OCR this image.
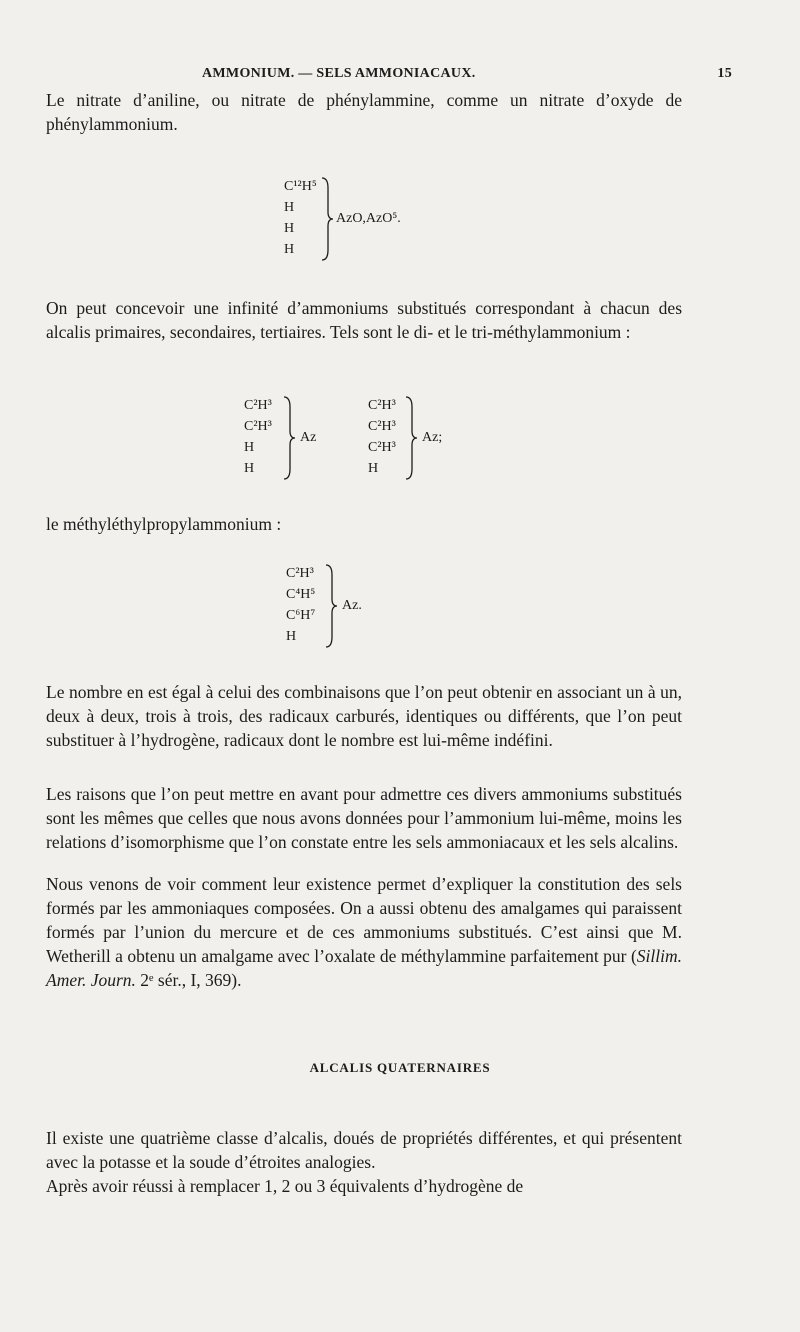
AMMONIUM. — SELS AMMONIACAUX.	15

Le nitrate d’aniline, ou nitrate de phénylammine, comme un nitrate d’oxyde de phénylammonium.

C¹²H⁵
H
H
H
AzO,AzO⁵.

On peut concevoir une infinité d’ammoniums substitués correspondant à chacun des alcalis primaires, secondaires, tertiaires. Tels sont le di- et le tri-méthylammonium :

C²H³
C²H³
H
H
Az
C²H³
C²H³
C²H³
H
Az;
le méthyléthylpropylammonium :
C²H³
C⁴H⁵
C⁶H⁷
H
Az.

Le nombre en est égal à celui des combinaisons que l’on peut obtenir en associant un à un, deux à deux, trois à trois, des radicaux carburés, identiques ou différents, que l’on peut substituer à l’hydrogène, radicaux dont le nombre est lui-même indéfini.

Les raisons que l’on peut mettre en avant pour admettre ces divers ammoniums substitués sont les mêmes que celles que nous avons données pour l’ammonium lui-même, moins les relations d’isomorphisme que l’on constate entre les sels ammoniacaux et les sels alcalins.

Nous venons de voir comment leur existence permet d’expliquer la constitution des sels formés par les ammoniaques composées. On a aussi obtenu des amalgames qui paraissent formés par l’union du mercure et de ces ammoniums substitués. C’est ainsi que M. Wetherill a obtenu un amalgame avec l’oxalate de méthylammine parfaitement pur (Sillim. Amer. Journ. 2ᵉ sér., I, 369).

ALCALIS QUATERNAIRES

Il existe une quatrième classe d’alcalis, doués de propriétés différentes, et qui présentent avec la potasse et la soude d’étroites analogies.

Après avoir réussi à remplacer 1, 2 ou 3 équivalents d’hydrogène de
